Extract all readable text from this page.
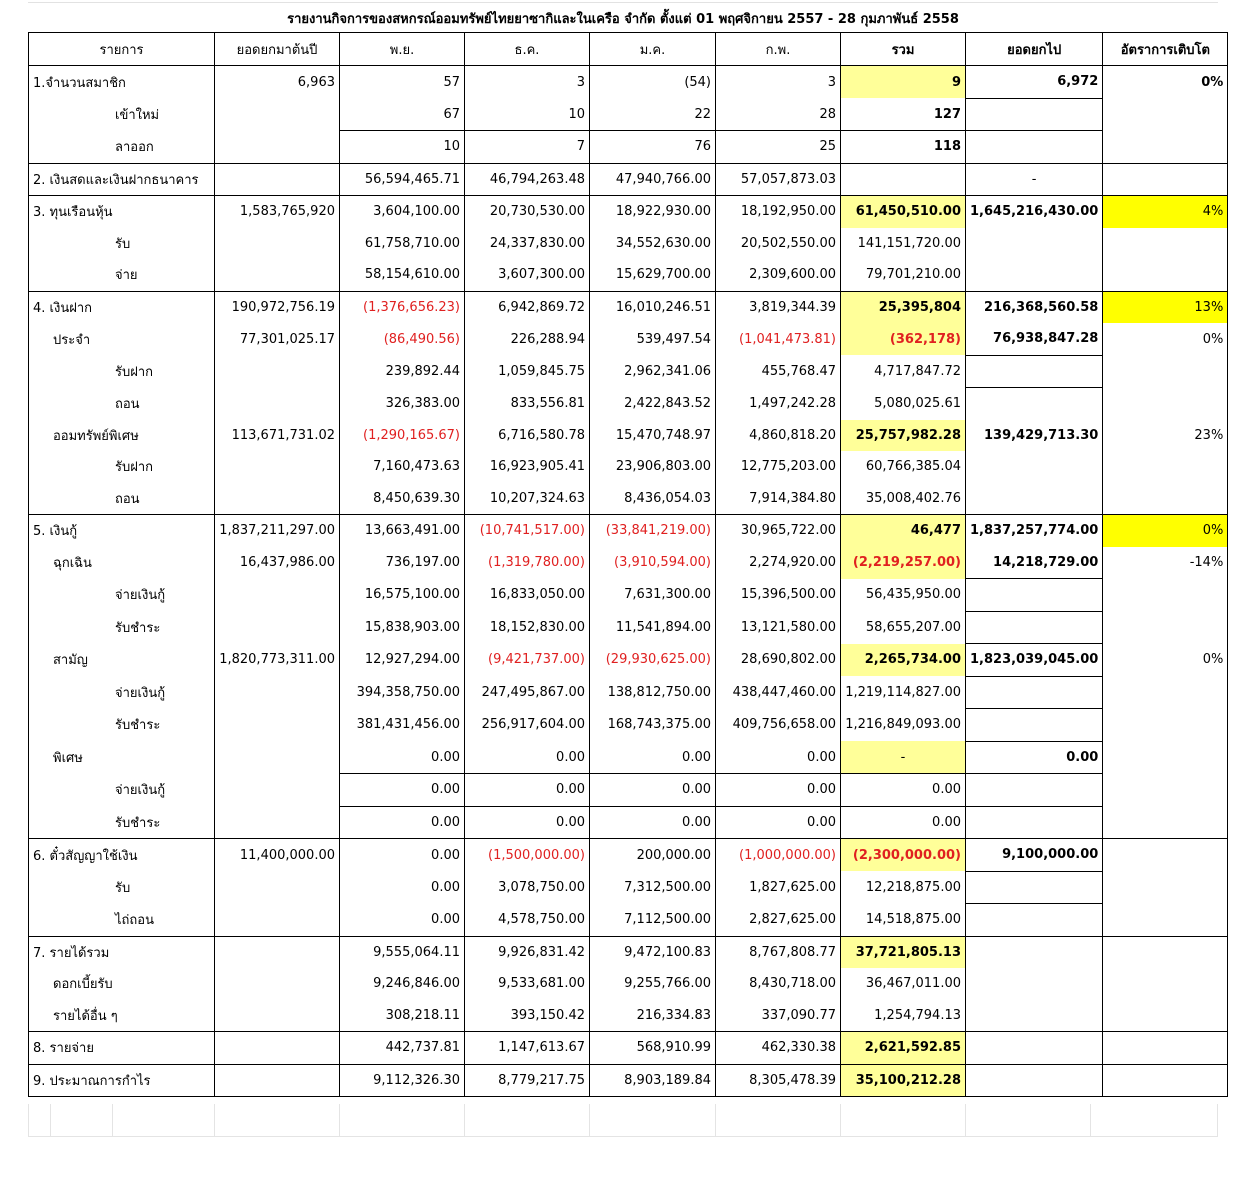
รายงานกิจการของสหกรณ์ออมทรัพย์ไทยยาซากิและในเครือ จำกัด ตั้งแต่ 01 พฤศจิกายน 2557 - 28 กุมภาพันธ์ 2558
รายการ	ยอดยกมาต้นปี	พ.ย.	ธ.ค.	ม.ค.	ก.พ.	รวม	ยอดยกไป	อัตราการเติบโต
1.จำนวนสมาชิก	6,963	57	3	(54)	3	9	6,972	0%
เข้าใหม่		67	10	22	28	127		
ลาออก		10	7	76	25	118		
2. เงินสดและเงินฝากธนาคาร		56,594,465.71	46,794,263.48	47,940,766.00	57,057,873.03		-	
3. ทุนเรือนหุ้น	1,583,765,920	3,604,100.00	20,730,530.00	18,922,930.00	18,192,950.00	61,450,510.00	1,645,216,430.00	4%
รับ		61,758,710.00	24,337,830.00	34,552,630.00	20,502,550.00	141,151,720.00		
จ่าย		58,154,610.00	3,607,300.00	15,629,700.00	2,309,600.00	79,701,210.00		
4. เงินฝาก	190,972,756.19	(1,376,656.23)	6,942,869.72	16,010,246.51	3,819,344.39	25,395,804	216,368,560.58	13%
ประจำ	77,301,025.17	(86,490.56)	226,288.94	539,497.54	(1,041,473.81)	(362,178)	76,938,847.28	0%
รับฝาก		239,892.44	1,059,845.75	2,962,341.06	455,768.47	4,717,847.72		
ถอน		326,383.00	833,556.81	2,422,843.52	1,497,242.28	5,080,025.61		
ออมทรัพย์พิเศษ	113,671,731.02	(1,290,165.67)	6,716,580.78	15,470,748.97	4,860,818.20	25,757,982.28	139,429,713.30	23%
รับฝาก		7,160,473.63	16,923,905.41	23,906,803.00	12,775,203.00	60,766,385.04		
ถอน		8,450,639.30	10,207,324.63	8,436,054.03	7,914,384.80	35,008,402.76		
5. เงินกู้	1,837,211,297.00	13,663,491.00	(10,741,517.00)	(33,841,219.00)	30,965,722.00	46,477	1,837,257,774.00	0%
ฉุกเฉิน	16,437,986.00	736,197.00	(1,319,780.00)	(3,910,594.00)	2,274,920.00	(2,219,257.00)	14,218,729.00	-14%
จ่ายเงินกู้		16,575,100.00	16,833,050.00	7,631,300.00	15,396,500.00	56,435,950.00		
รับชำระ		15,838,903.00	18,152,830.00	11,541,894.00	13,121,580.00	58,655,207.00		
สามัญ	1,820,773,311.00	12,927,294.00	(9,421,737.00)	(29,930,625.00)	28,690,802.00	2,265,734.00	1,823,039,045.00	0%
จ่ายเงินกู้		394,358,750.00	247,495,867.00	138,812,750.00	438,447,460.00	1,219,114,827.00		
รับชำระ		381,431,456.00	256,917,604.00	168,743,375.00	409,756,658.00	1,216,849,093.00		
พิเศษ		0.00	0.00	0.00	0.00	-	0.00	
จ่ายเงินกู้		0.00	0.00	0.00	0.00	0.00		
รับชำระ		0.00	0.00	0.00	0.00	0.00		
6. ตั๋วสัญญาใช้เงิน	11,400,000.00	0.00	(1,500,000.00)	200,000.00	(1,000,000.00)	(2,300,000.00)	9,100,000.00	
รับ		0.00	3,078,750.00	7,312,500.00	1,827,625.00	12,218,875.00		
ไถ่ถอน		0.00	4,578,750.00	7,112,500.00	2,827,625.00	14,518,875.00		
7. รายได้รวม		9,555,064.11	9,926,831.42	9,472,100.83	8,767,808.77	37,721,805.13		
ดอกเบี้ยรับ		9,246,846.00	9,533,681.00	9,255,766.00	8,430,718.00	36,467,011.00		
รายได้อื่น ๆ		308,218.11	393,150.42	216,334.83	337,090.77	1,254,794.13		
8. รายจ่าย		442,737.81	1,147,613.67	568,910.99	462,330.38	2,621,592.85		
9. ประมาณการกำไร		9,112,326.30	8,779,217.75	8,903,189.84	8,305,478.39	35,100,212.28		
